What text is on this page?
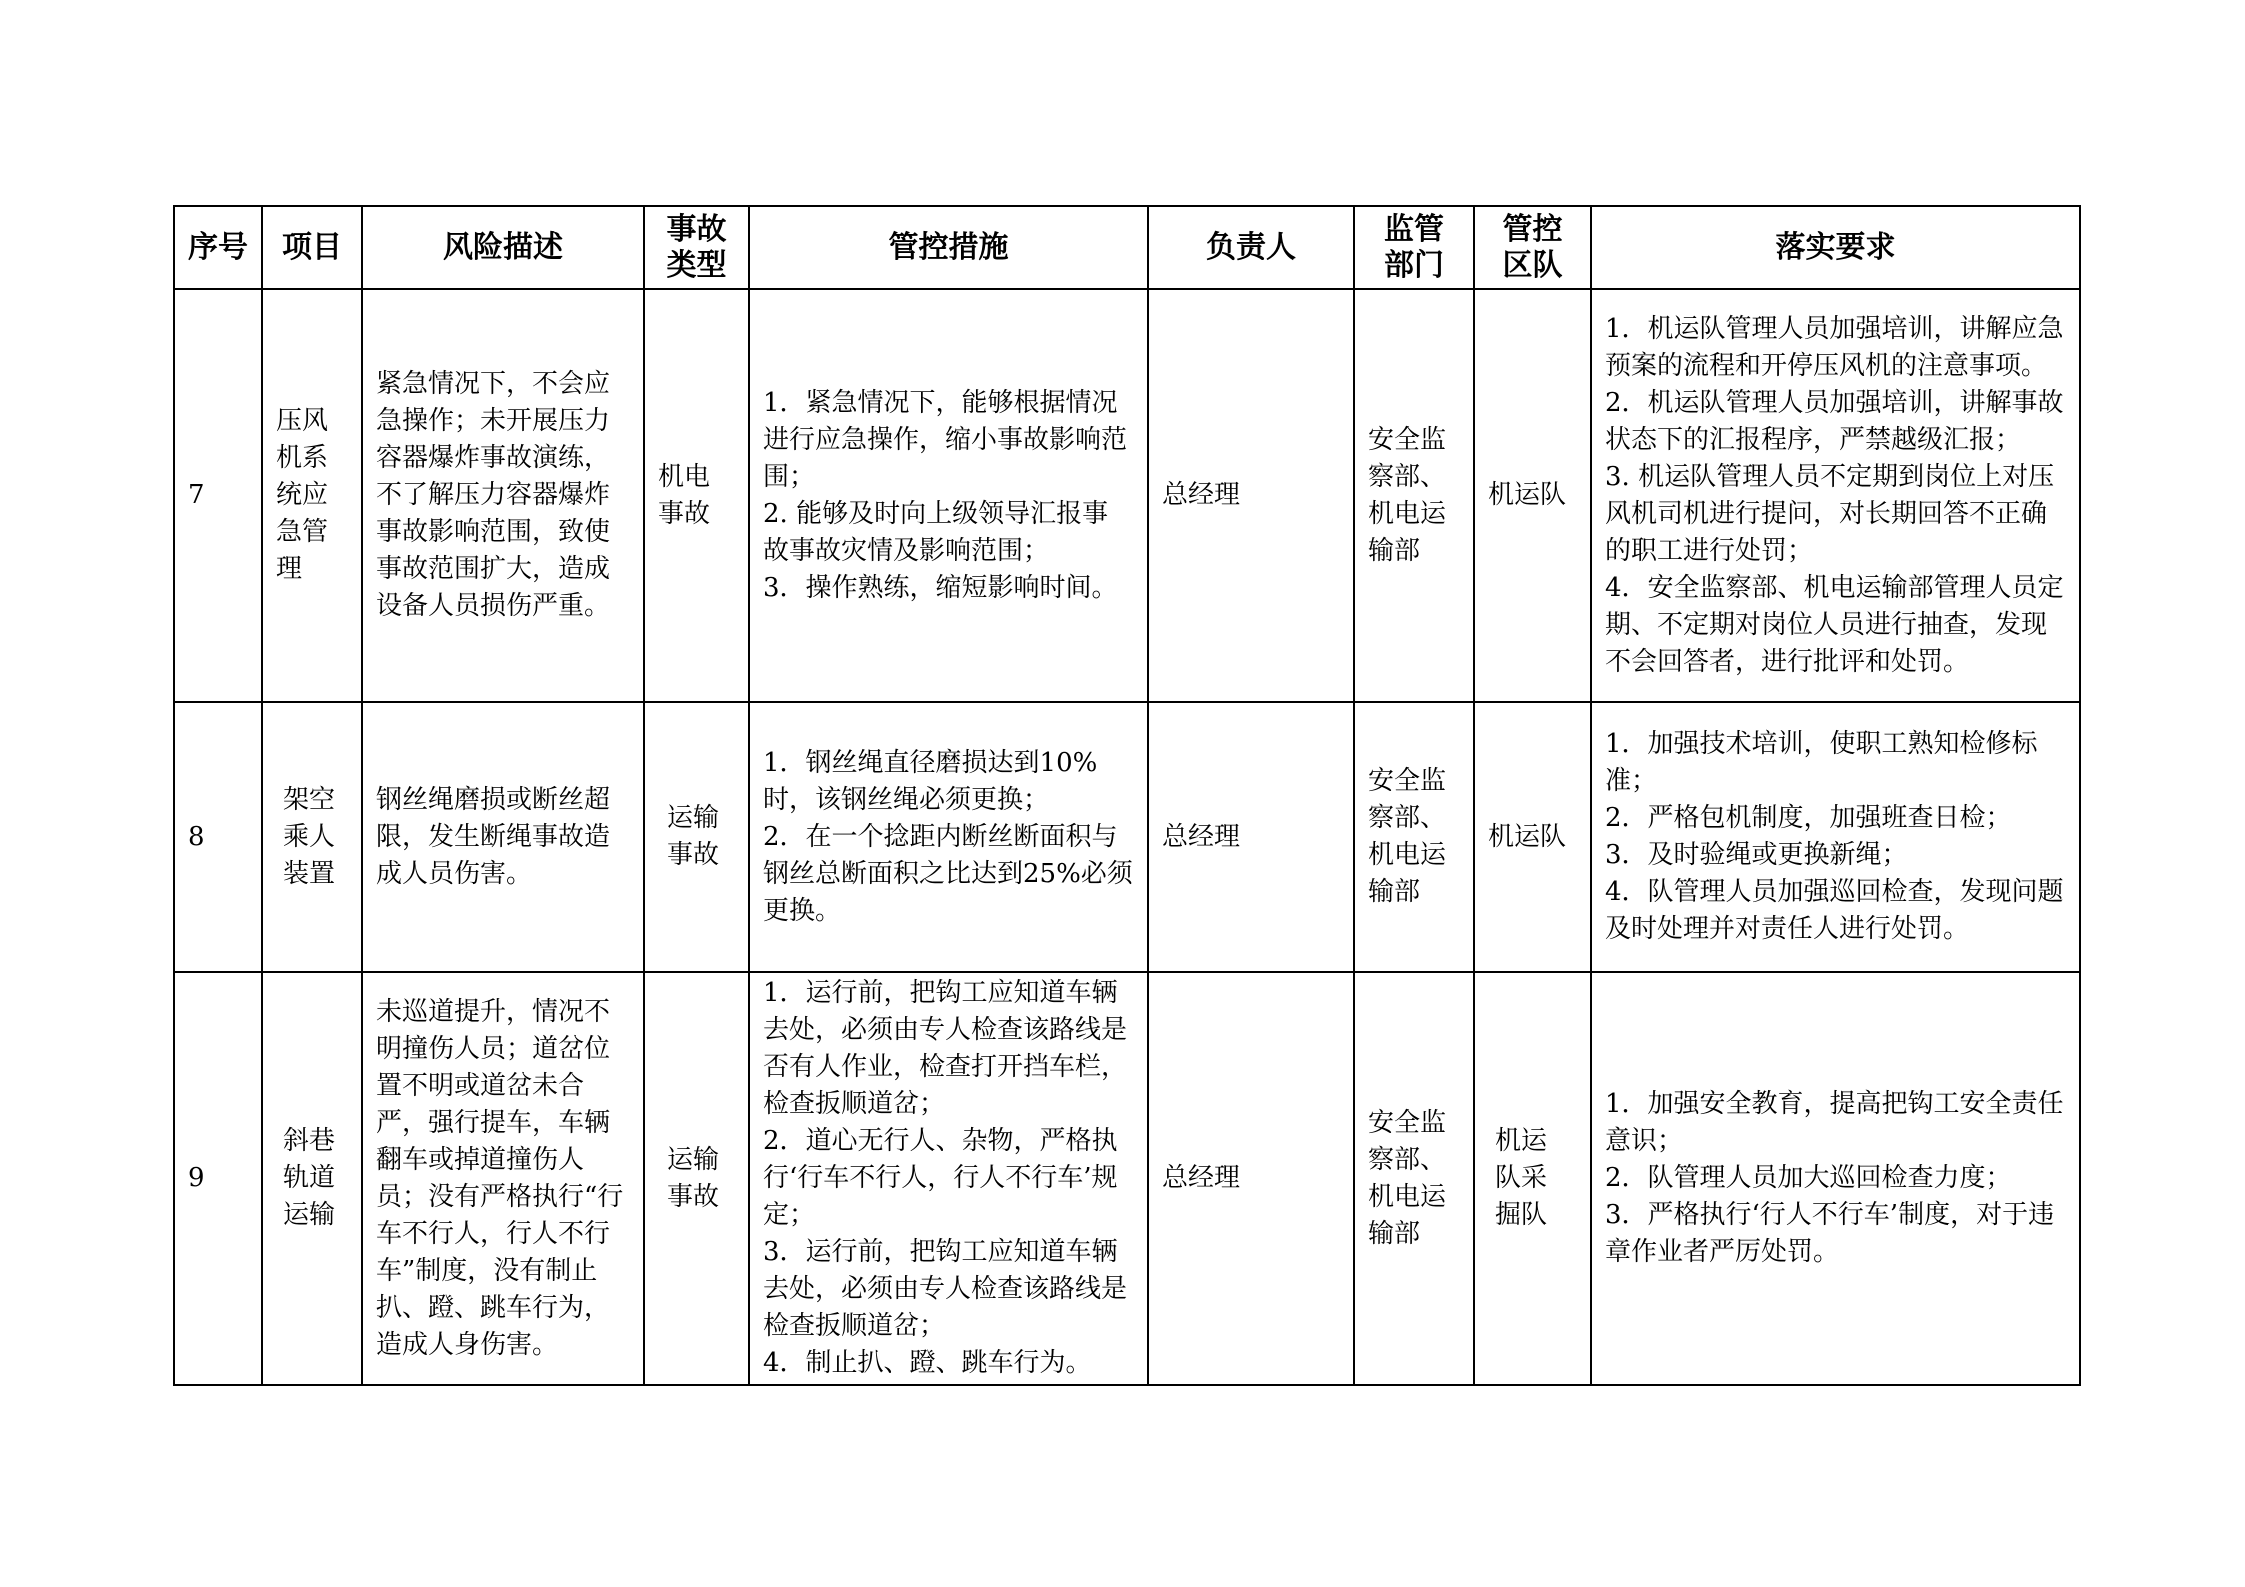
序号	项目	风险描述	事故类型	管控措施	负责人	监管部门	管控区队	落实要求
7	压风机系统应急管理	紧急情况下，不会应急操作；未开展压力容器爆炸事故演练，不了解压力容器爆炸事故影响范围，致使事故范围扩大，造成设备人员损伤严重。	机电事故	1．紧急情况下，能够根据情况进行应急操作，缩小事故影响范围；
2. 能够及时向上级领导汇报事故事故灾情及影响范围；
3．操作熟练，缩短影响时间。	总经理	安全监察部、机电运输部	机运队	1．机运队管理人员加强培训，讲解应急预案的流程和开停压风机的注意事项。
2．机运队管理人员加强培训，讲解事故状态下的汇报程序，严禁越级汇报；
3. 机运队管理人员不定期到岗位上对压风机司机进行提问，对长期回答不正确的职工进行处罚；
4．安全监察部、机电运输部管理人员定期、不定期对岗位人员进行抽查，发现不会回答者，进行批评和处罚。

8	架空乘人装置	钢丝绳磨损或断丝超限，发生断绳事故造成人员伤害。	运输事故	1．钢丝绳直径磨损达到10%时，该钢丝绳必须更换；
2．在一个捻距内断丝断面积与钢丝总断面积之比达到25%必须更换。	总经理	安全监察部、机电运输部	机运队	1．加强技术培训，使职工熟知检修标准；
2．严格包机制度，加强班查日检；
3．及时验绳或更换新绳；
4．队管理人员加强巡回检查，发现问题及时处理并对责任人进行处罚。

9	斜巷轨道运输	未巡道提升，情况不明撞伤人员；道岔位置不明或道岔未合严，强行提车，车辆翻车或掉道撞伤人员；没有严格执行“行车不行人，行人不行车”制度，没有制止扒、蹬、跳车行为，造成人身伤害。	运输事故	1．运行前，把钩工应知道车辆去处，必须由专人检查该路线是否有人作业，检查打开挡车栏，检查扳顺道岔；
2．道心无行人、杂物，严格执行‘行车不行人，行人不行车’规定；
3．运行前，把钩工应知道车辆去处，必须由专人检查该路线是检查扳顺道岔；
4．制止扒、蹬、跳车行为。	总经理	安全监察部、机电运输部	机运队采掘队	1．加强安全教育，提高把钩工安全责任意识；
2．队管理人员加大巡回检查力度；
3．严格执行‘行人不行车’制度，对于违章作业者严厉处罚。
